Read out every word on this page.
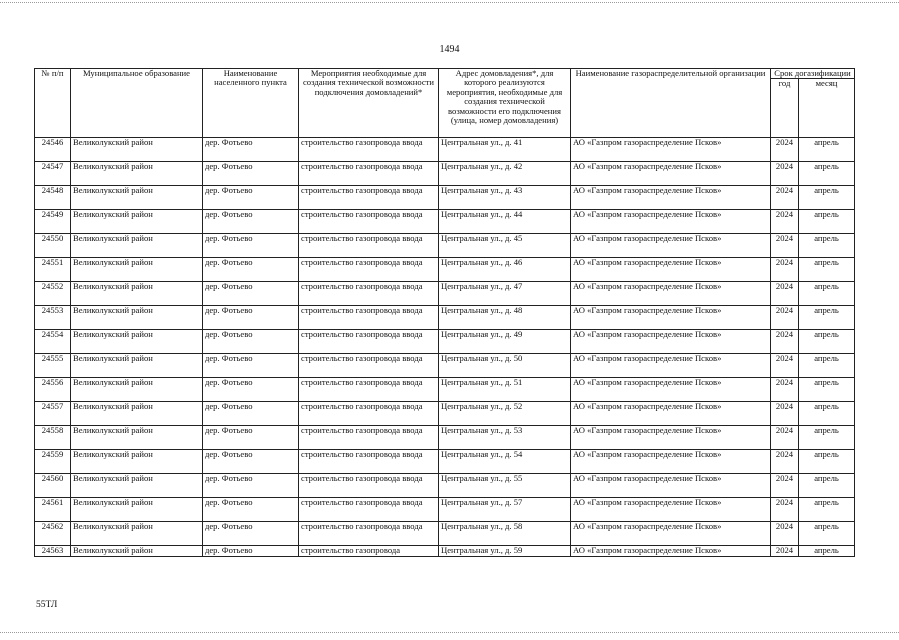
1494
№ п/п	Муниципальное образование	Наименование населенного пункта	Мероприятия необходимые для создания технической возможности подключения домовладений*	Адрес домовладения*, для которого реализуются мероприятия, необходимые для создания технической возможности его подключения (улица, номер домовладения)	Наименование газораспределительной организации	Срок догазификации	
						год	месяц
24546	Великолукский район	дер. Фотьево	строительство газопровода ввода	Центральная ул., д. 41	АО «Газпром газораспределение Псков»	2024	апрель
24547	Великолукский район	дер. Фотьево	строительство газопровода ввода	Центральная ул., д. 42	АО «Газпром газораспределение Псков»	2024	апрель
24548	Великолукский район	дер. Фотьево	строительство газопровода ввода	Центральная ул., д. 43	АО «Газпром газораспределение Псков»	2024	апрель
24549	Великолукский район	дер. Фотьево	строительство газопровода ввода	Центральная ул., д. 44	АО «Газпром газораспределение Псков»	2024	апрель
24550	Великолукский район	дер. Фотьево	строительство газопровода ввода	Центральная ул., д. 45	АО «Газпром газораспределение Псков»	2024	апрель
24551	Великолукский район	дер. Фотьево	строительство газопровода ввода	Центральная ул., д. 46	АО «Газпром газораспределение Псков»	2024	апрель
24552	Великолукский район	дер. Фотьево	строительство газопровода ввода	Центральная ул., д. 47	АО «Газпром газораспределение Псков»	2024	апрель
24553	Великолукский район	дер. Фотьево	строительство газопровода ввода	Центральная ул., д. 48	АО «Газпром газораспределение Псков»	2024	апрель
24554	Великолукский район	дер. Фотьево	строительство газопровода ввода	Центральная ул., д. 49	АО «Газпром газораспределение Псков»	2024	апрель
24555	Великолукский район	дер. Фотьево	строительство газопровода ввода	Центральная ул., д. 50	АО «Газпром газораспределение Псков»	2024	апрель
24556	Великолукский район	дер. Фотьево	строительство газопровода ввода	Центральная ул., д. 51	АО «Газпром газораспределение Псков»	2024	апрель
24557	Великолукский район	дер. Фотьево	строительство газопровода ввода	Центральная ул., д. 52	АО «Газпром газораспределение Псков»	2024	апрель
24558	Великолукский район	дер. Фотьево	строительство газопровода ввода	Центральная ул., д. 53	АО «Газпром газораспределение Псков»	2024	апрель
24559	Великолукский район	дер. Фотьево	строительство газопровода ввода	Центральная ул., д. 54	АО «Газпром газораспределение Псков»	2024	апрель
24560	Великолукский район	дер. Фотьево	строительство газопровода ввода	Центральная ул., д. 55	АО «Газпром газораспределение Псков»	2024	апрель
24561	Великолукский район	дер. Фотьево	строительство газопровода ввода	Центральная ул., д. 57	АО «Газпром газораспределение Псков»	2024	апрель
24562	Великолукский район	дер. Фотьево	строительство газопровода ввода	Центральная ул., д. 58	АО «Газпром газораспределение Псков»	2024	апрель
24563	Великолукский район	дер. Фотьево	строительство газопровода	Центральная ул., д. 59	АО «Газпром газораспределение Псков»	2024	апрель
55ТЛ
